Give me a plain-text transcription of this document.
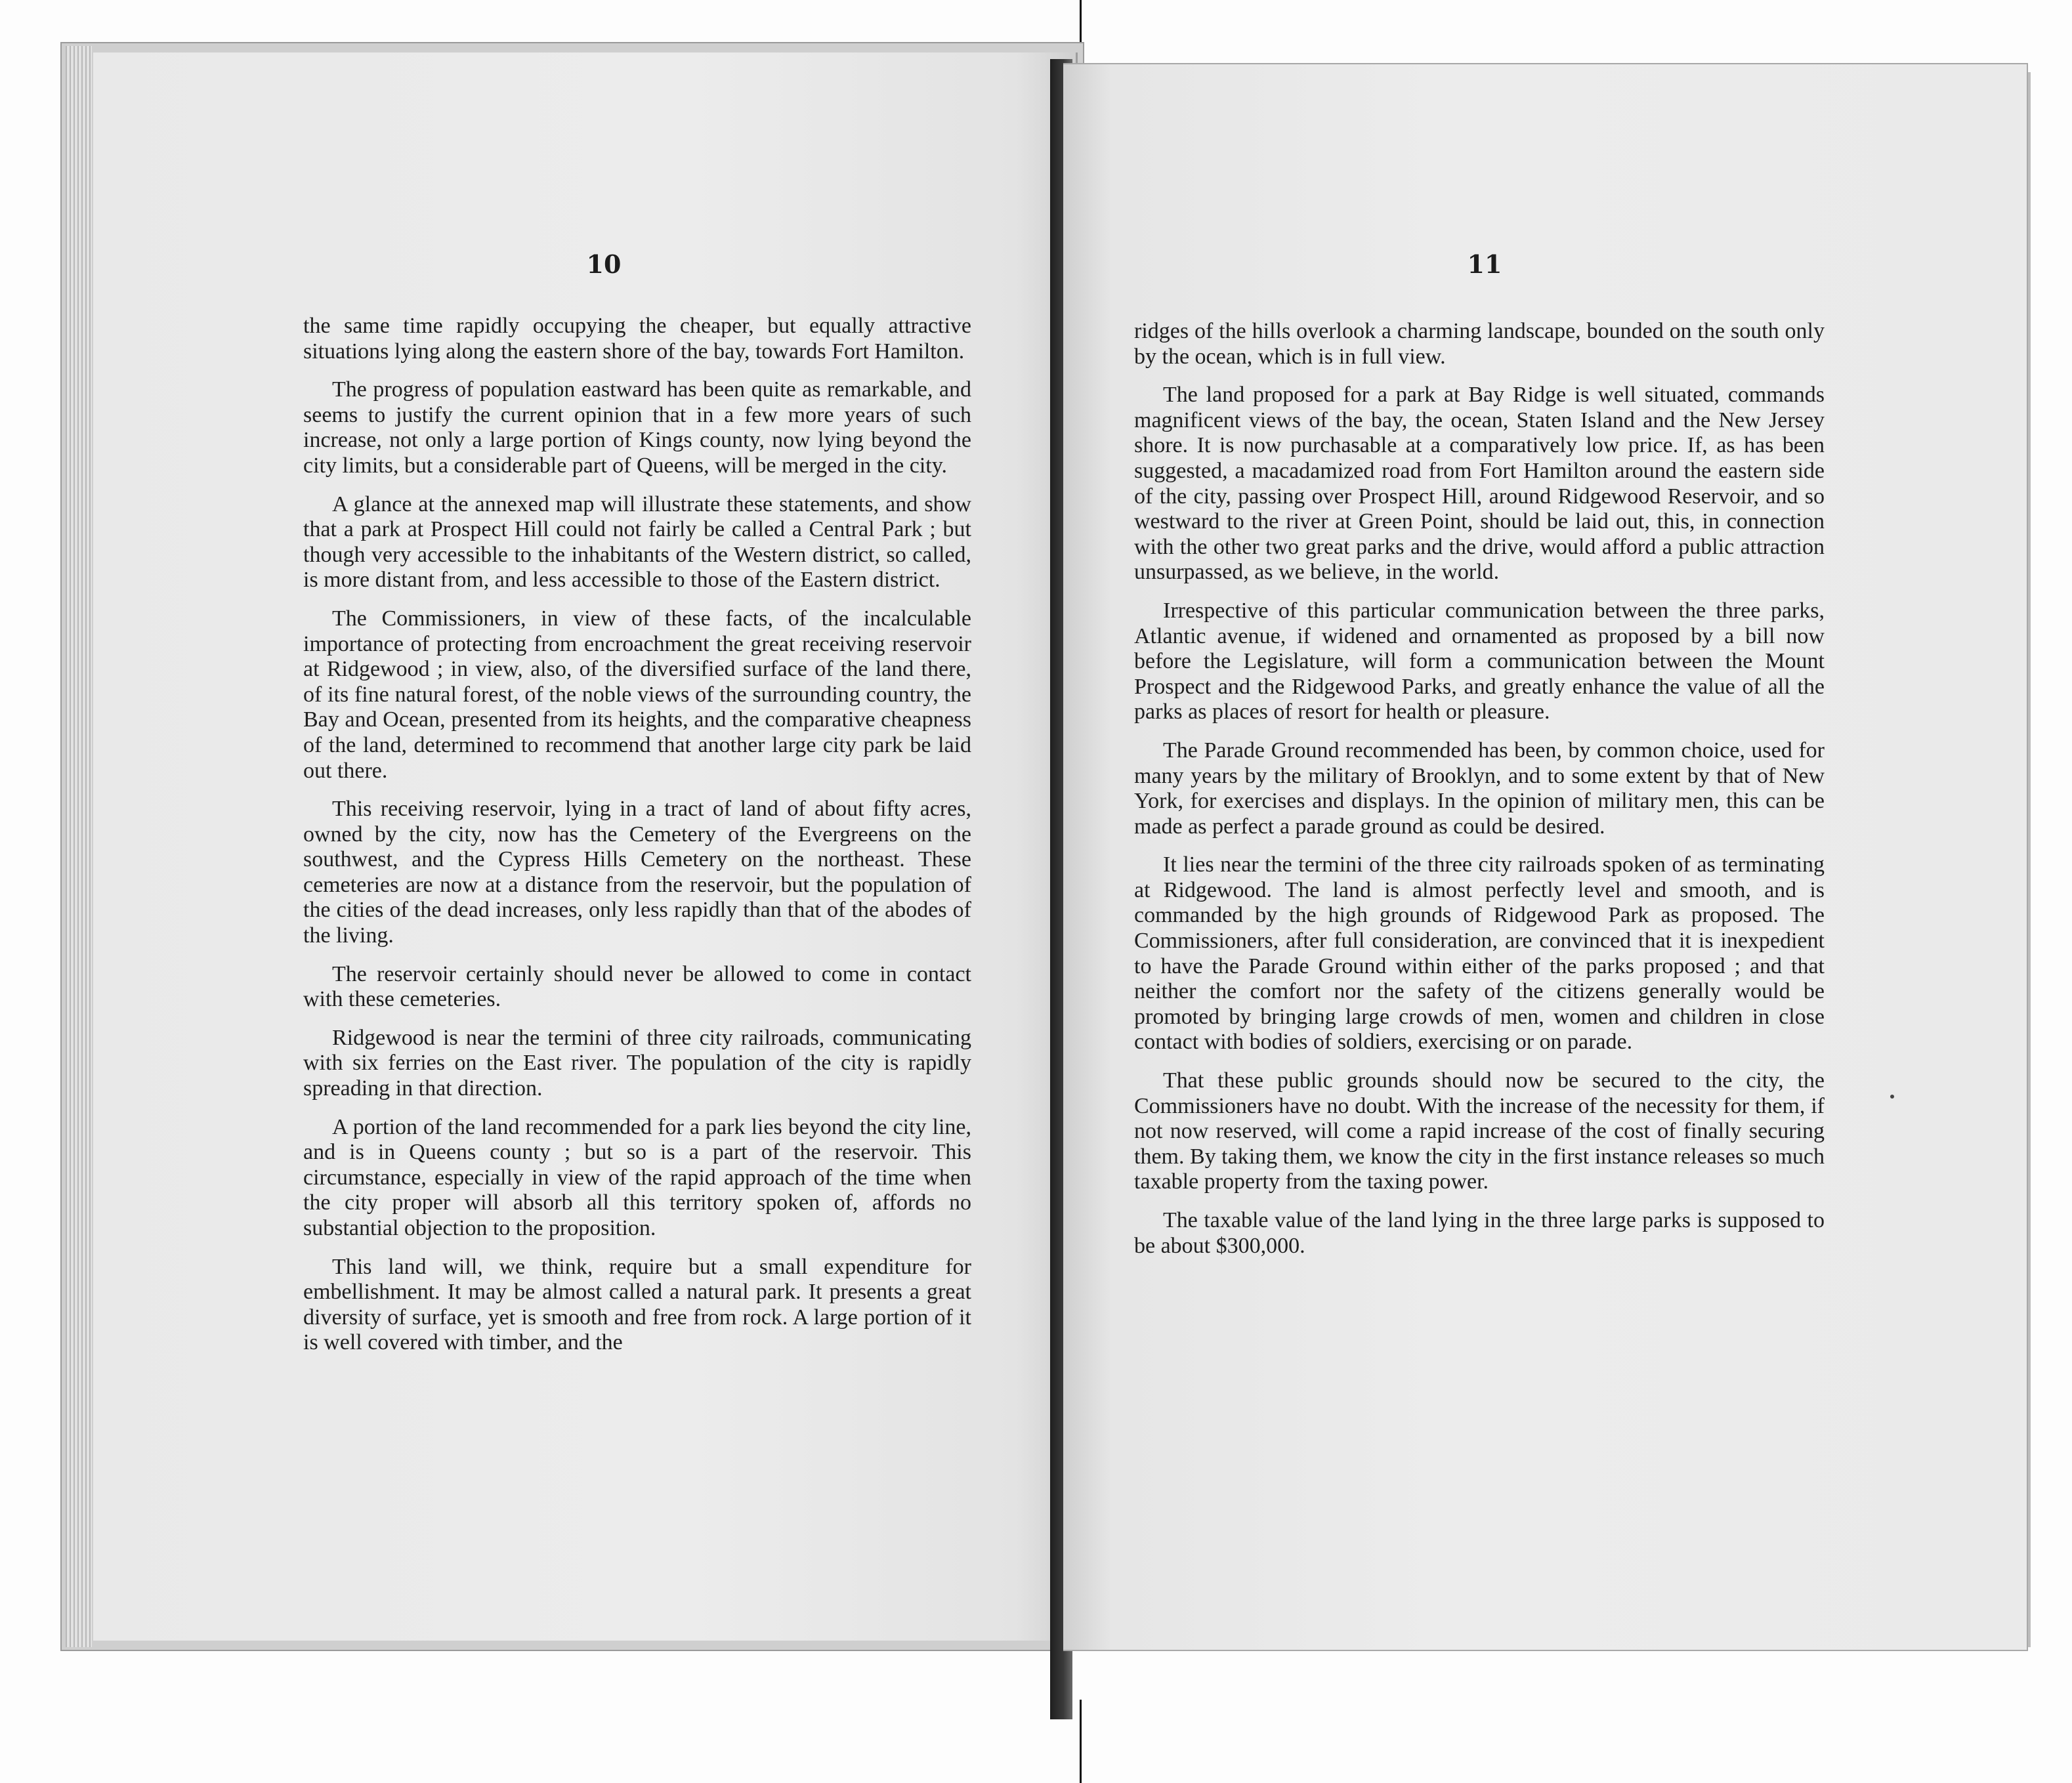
10	11

the same time rapidly occupying the cheaper, but equally attractive situations lying along the eastern shore of the bay, towards Fort Hamilton.

The progress of population eastward has been quite as remarkable, and seems to justify the current opinion that in a few more years of such increase, not only a large portion of Kings county, now lying beyond the city limits, but a considerable part of Queens, will be merged in the city.

A glance at the annexed map will illustrate these statements, and show that a park at Prospect Hill could not fairly be called a Central Park ; but though very accessible to the inhabitants of the Western district, so called, is more distant from, and less accessible to those of the Eastern district.

The Commissioners, in view of these facts, of the incalculable importance of protecting from encroachment the great receiving reservoir at Ridgewood ; in view, also, of the diversified surface of the land there, of its fine natural forest, of the noble views of the surrounding country, the Bay and Ocean, presented from its heights, and the comparative cheapness of the land, determined to recommend that another large city park be laid out there.

This receiving reservoir, lying in a tract of land of about fifty acres, owned by the city, now has the Cemetery of the Evergreens on the southwest, and the Cypress Hills Cemetery on the northeast. These cemeteries are now at a distance from the reservoir, but the population of the cities of the dead increases, only less rapidly than that of the abodes of the living.

The reservoir certainly should never be allowed to come in contact with these cemeteries.

Ridgewood is near the termini of three city railroads, communicating with six ferries on the East river. The population of the city is rapidly spreading in that direction.

A portion of the land recommended for a park lies beyond the city line, and is in Queens county ; but so is a part of the reservoir. This circumstance, especially in view of the rapid approach of the time when the city proper will absorb all this territory spoken of, affords no substantial objection to the proposition.

This land will, we think, require but a small expenditure for embellishment. It may be almost called a natural park. It presents a great diversity of surface, yet is smooth and free from rock. A large portion of it is well covered with timber, and the

ridges of the hills overlook a charming landscape, bounded on the south only by the ocean, which is in full view.

The land proposed for a park at Bay Ridge is well situated, commands magnificent views of the bay, the ocean, Staten Island and the New Jersey shore. It is now purchasable at a comparatively low price. If, as has been suggested, a macadamized road from Fort Hamilton around the eastern side of the city, passing over Prospect Hill, around Ridgewood Reservoir, and so westward to the river at Green Point, should be laid out, this, in connection with the other two great parks and the drive, would afford a public attraction unsurpassed, as we believe, in the world.

Irrespective of this particular communication between the three parks, Atlantic avenue, if widened and ornamented as proposed by a bill now before the Legislature, will form a communication between the Mount Prospect and the Ridgewood Parks, and greatly enhance the value of all the parks as places of resort for health or pleasure.

The Parade Ground recommended has been, by common choice, used for many years by the military of Brooklyn, and to some extent by that of New York, for exercises and displays. In the opinion of military men, this can be made as perfect a parade ground as could be desired.

It lies near the termini of the three city railroads spoken of as terminating at Ridgewood. The land is almost perfectly level and smooth, and is commanded by the high grounds of Ridgewood Park as proposed. The Commissioners, after full consideration, are convinced that it is inexpedient to have the Parade Ground within either of the parks proposed ; and that neither the comfort nor the safety of the citizens generally would be promoted by bringing large crowds of men, women and children in close contact with bodies of soldiers, exercising or on parade.

That these public grounds should now be secured to the city, the Commissioners have no doubt. With the increase of the necessity for them, if not now reserved, will come a rapid increase of the cost of finally securing them. By taking them, we know the city in the first instance releases so much taxable property from the taxing power.

The taxable value of the land lying in the three large parks is supposed to be about $300,000.
